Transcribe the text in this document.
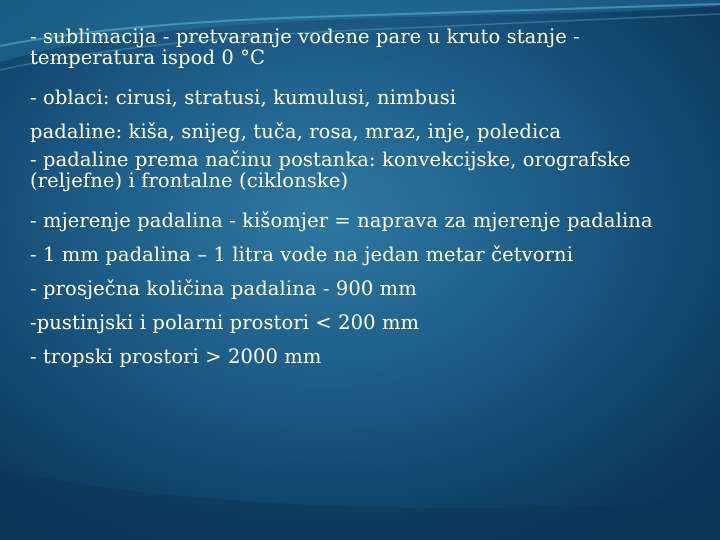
- sublimacija - pretvaranje vodene pare u kruto stanje -
temperatura ispod 0 °C
- oblaci: cirusi, stratusi, kumulusi, nimbusi
padaline: kiša, snijeg, tuča, rosa, mraz, inje, poledica
- padaline prema načinu postanka: konvekcijske, orografske
(reljefne) i frontalne (ciklonske)
- mjerenje padalina - kišomjer = naprava za mjerenje padalina
- 1 mm padalina – 1 litra vode na jedan metar četvorni
- prosječna količina padalina - 900 mm
-pustinjski i polarni prostori < 200 mm
- tropski prostori > 2000 mm
